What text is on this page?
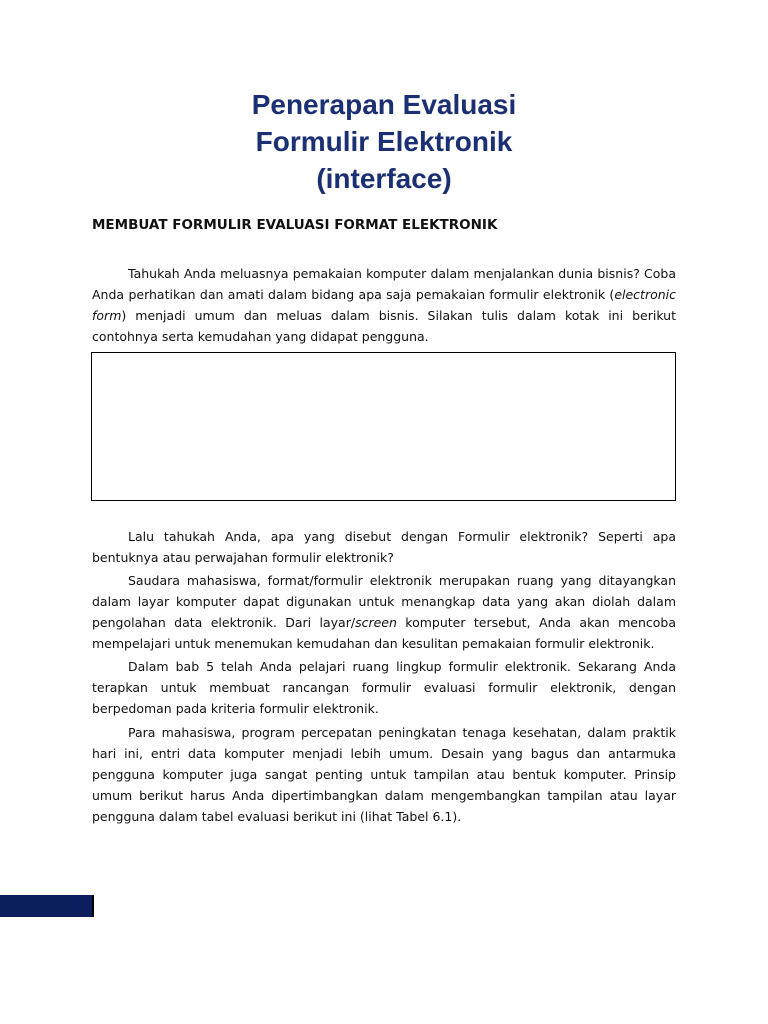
Penerapan Evaluasi
Formulir Elektronik
(interface)
MEMBUAT FORMULIR EVALUASI FORMAT ELEKTRONIK

Tahukah Anda meluasnya pemakaian komputer dalam menjalankan dunia bisnis? Coba Anda perhatikan dan amati dalam bidang apa saja pemakaian formulir elektronik (electronic form) menjadi umum dan meluas dalam bisnis. Silakan tulis dalam kotak ini berikut contohnya serta kemudahan yang didapat pengguna.

Lalu tahukah Anda, apa yang disebut dengan Formulir elektronik? Seperti apa bentuknya atau perwajahan formulir elektronik?

Saudara mahasiswa, format/formulir elektronik merupakan ruang yang ditayangkan dalam layar komputer dapat digunakan untuk menangkap data yang akan diolah dalam pengolahan data elektronik. Dari layar/screen komputer tersebut, Anda akan mencoba mempelajari untuk menemukan kemudahan dan kesulitan pemakaian formulir elektronik.

Dalam bab 5 telah Anda pelajari ruang lingkup formulir elektronik. Sekarang Anda terapkan untuk membuat rancangan formulir evaluasi formulir elektronik, dengan berpedoman pada kriteria formulir elektronik.

Para mahasiswa, program percepatan peningkatan tenaga kesehatan, dalam praktik hari ini, entri data komputer menjadi lebih umum. Desain yang bagus dan antarmuka pengguna komputer juga sangat penting untuk tampilan atau bentuk komputer. Prinsip umum berikut harus Anda dipertimbangkan dalam mengembangkan tampilan atau layar pengguna dalam tabel evaluasi berikut ini (lihat Tabel 6.1).
